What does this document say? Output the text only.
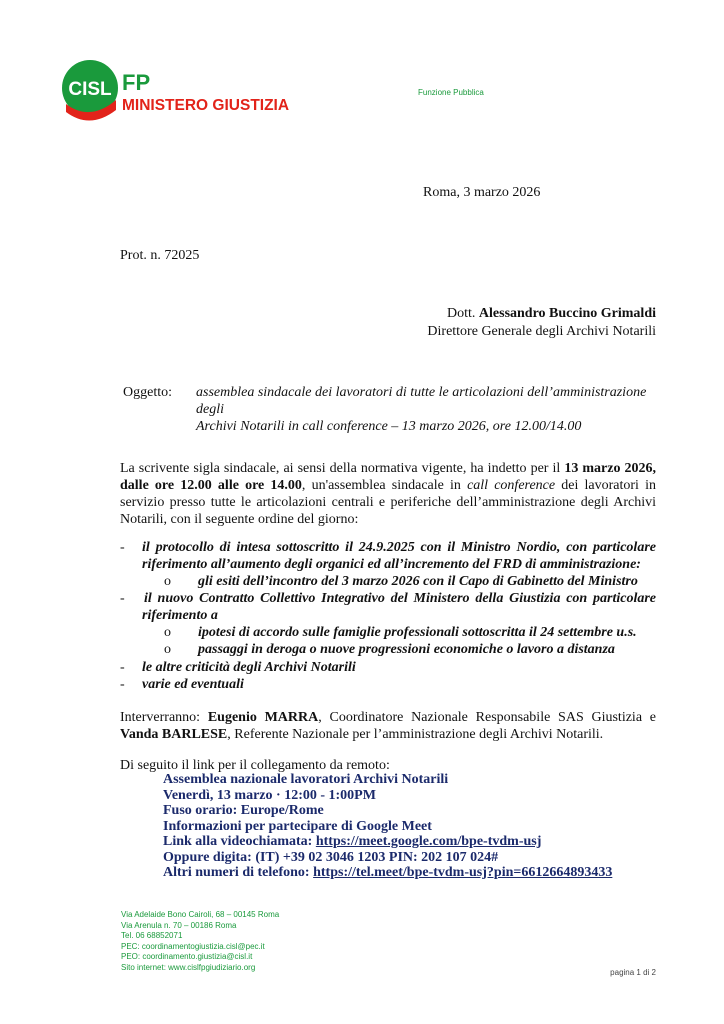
CISL FP
MINISTERO GIUSTIZIA
Funzione Pubblica
Roma, 3 marzo 2026
Prot. n. 72025
Dott. Alessandro Buccino Grimaldi
Direttore Generale degli Archivi Notarili
Oggetto: assemblea sindacale dei lavoratori di tutte le articolazioni dell’amministrazione degli
Archivi Notarili in call conference – 13 marzo 2026, ore 12.00/14.00
La scrivente sigla sindacale, ai sensi della normativa vigente, ha indetto per il 13 marzo 2026, dalle ore 12.00 alle ore 14.00, un'assemblea sindacale in call conference dei lavoratori in servizio presso tutte le articolazioni centrali e periferiche dell’amministrazione degli Archivi Notarili, con il seguente ordine del giorno:
- il protocollo di intesa sottoscritto il 24.9.2025 con il Ministro Nordio, con particolare
riferimento all’aumento degli organici ed all’incremento del FRD di amministrazione:
o gli esiti dell’incontro del 3 marzo 2026 con il Capo di Gabinetto del Ministro
- il nuovo Contratto Collettivo Integrativo del Ministero della Giustizia con particolare
riferimento a
o ipotesi di accordo sulle famiglie professionali sottoscritta il 24 settembre u.s.
o passaggi in deroga o nuove progressioni economiche o lavoro a distanza
- le altre criticità degli Archivi Notarili
- varie ed eventuali
Interverranno: Eugenio MARRA, Coordinatore Nazionale Responsabile SAS Giustizia e Vanda BARLESE, Referente Nazionale per l’amministrazione degli Archivi Notarili.
Di seguito il link per il collegamento da remoto:
Assemblea nazionale lavoratori Archivi Notarili
Venerdì, 13 marzo · 12:00 - 1:00PM
Fuso orario: Europe/Rome
Informazioni per partecipare di Google Meet
Link alla videochiamata: https://meet.google.com/bpe-tvdm-usj
Oppure digita: (IT) +39 02 3046 1203 PIN: 202 107 024#
Altri numeri di telefono: https://tel.meet/bpe-tvdm-usj?pin=6612664893433
Via Adelaide Bono Cairoli, 68 – 00145 Roma
Via Arenula n. 70 – 00186 Roma
Tel. 06 68852071
PEC: coordinamentogiustizia.cisl@pec.it
PEO: coordinamento.giustizia@cisl.it
Sito internet: www.cislfpgiudiziario.org
pagina 1 di 2
